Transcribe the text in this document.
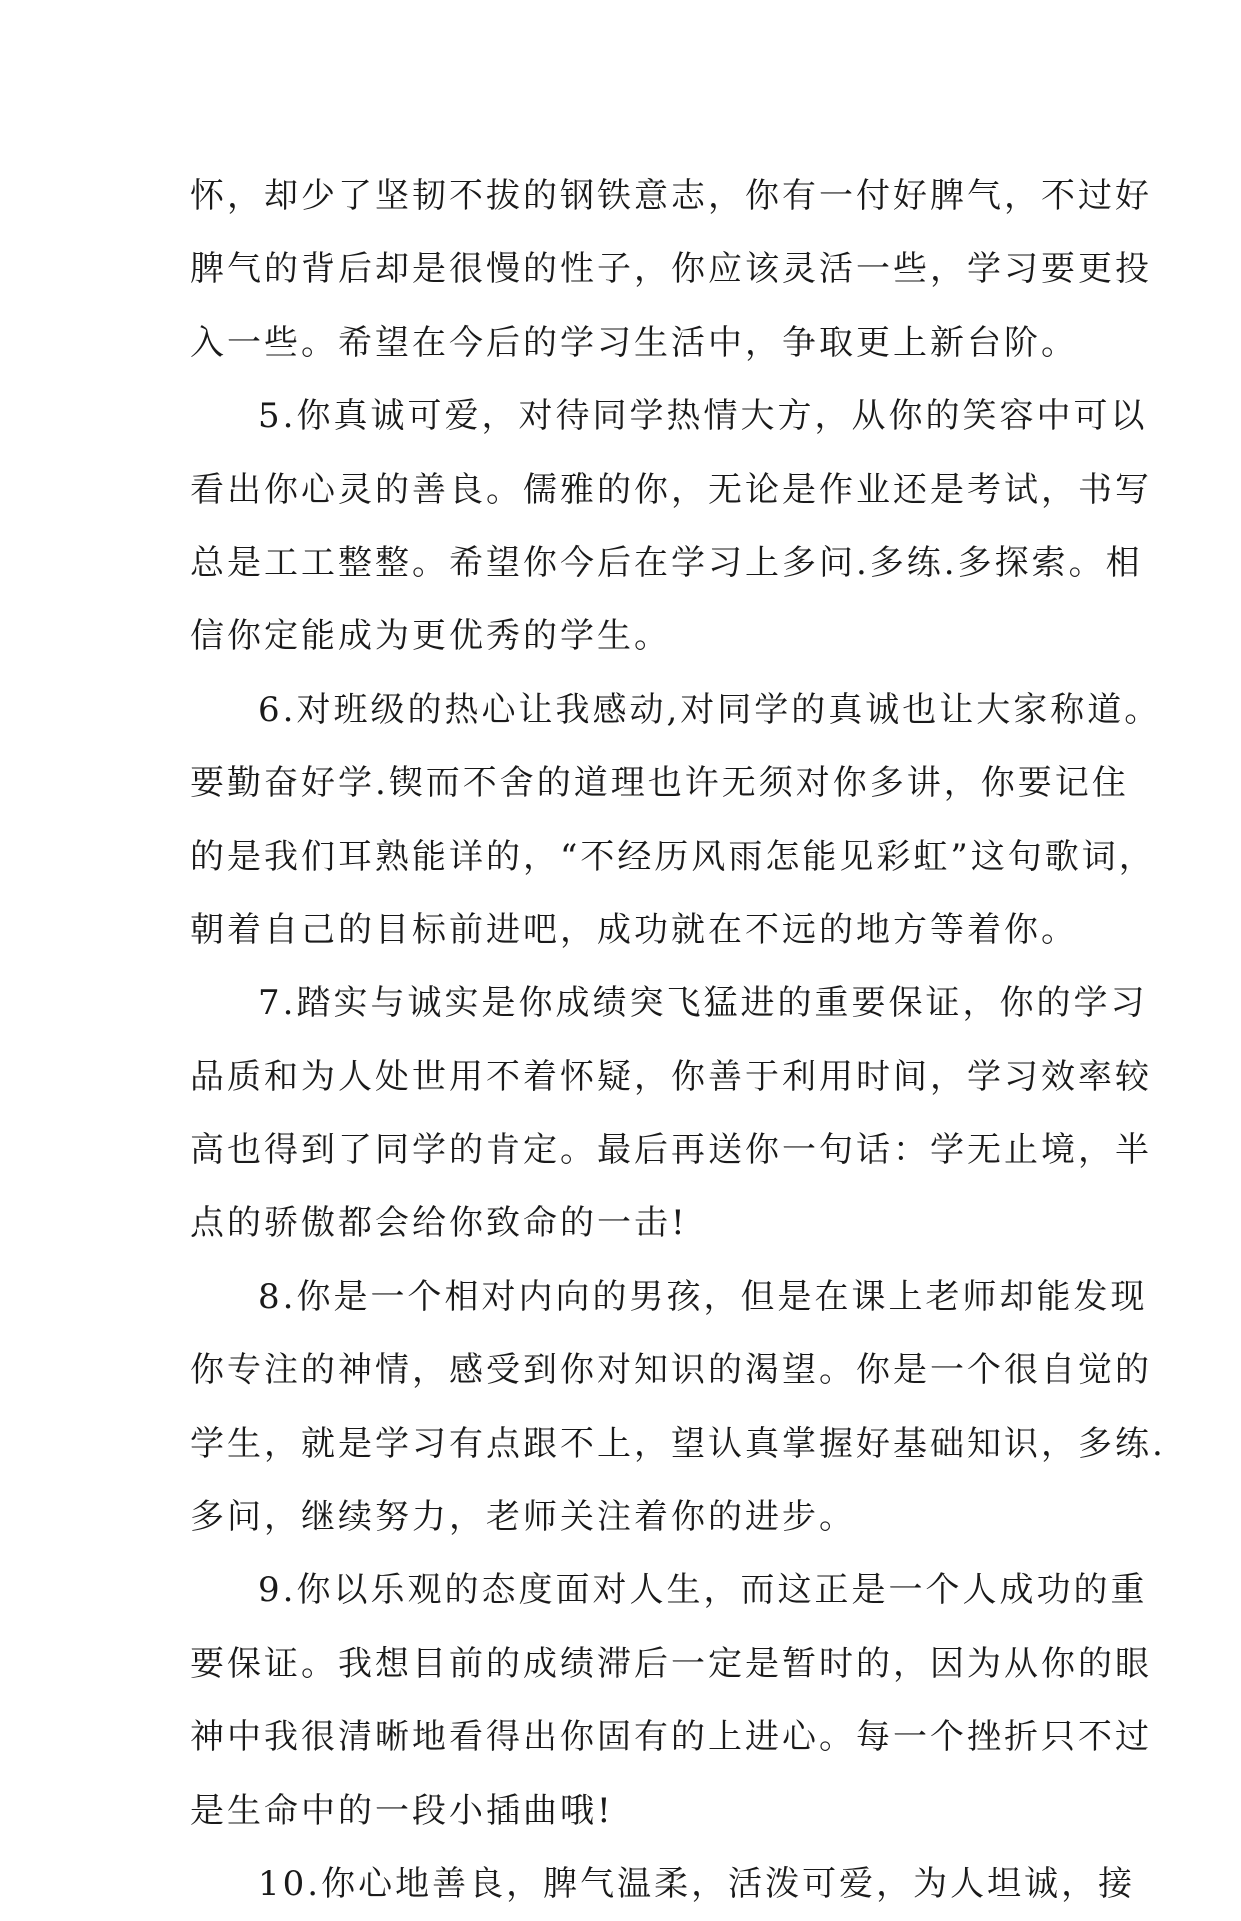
怀，却少了坚韧不拔的钢铁意志，你有一付好脾气，不过好
脾气的背后却是很慢的性子，你应该灵活一些，学习要更投
入一些。希望在今后的学习生活中，争取更上新台阶。
5.你真诚可爱，对待同学热情大方，从你的笑容中可以
看出你心灵的善良。儒雅的你，无论是作业还是考试，书写
总是工工整整。希望你今后在学习上多问.多练.多探索。相
信你定能成为更优秀的学生。
6.对班级的热心让我感动,对同学的真诚也让大家称道。
要勤奋好学.锲而不舍的道理也许无须对你多讲，你要记住
的是我们耳熟能详的，“不经历风雨怎能见彩虹”这句歌词，
朝着自己的目标前进吧，成功就在不远的地方等着你。
7.踏实与诚实是你成绩突飞猛进的重要保证，你的学习
品质和为人处世用不着怀疑，你善于利用时间，学习效率较
高也得到了同学的肯定。最后再送你一句话：学无止境，半
点的骄傲都会给你致命的一击!
8.你是一个相对内向的男孩，但是在课上老师却能发现
你专注的神情，感受到你对知识的渴望。你是一个很自觉的
学生，就是学习有点跟不上，望认真掌握好基础知识，多练.
多问，继续努力，老师关注着你的进步。
9.你以乐观的态度面对人生，而这正是一个人成功的重
要保证。我想目前的成绩滞后一定是暂时的，因为从你的眼
神中我很清晰地看得出你固有的上进心。每一个挫折只不过
是生命中的一段小插曲哦!
10.你心地善良，脾气温柔，活泼可爱，为人坦诚，接
